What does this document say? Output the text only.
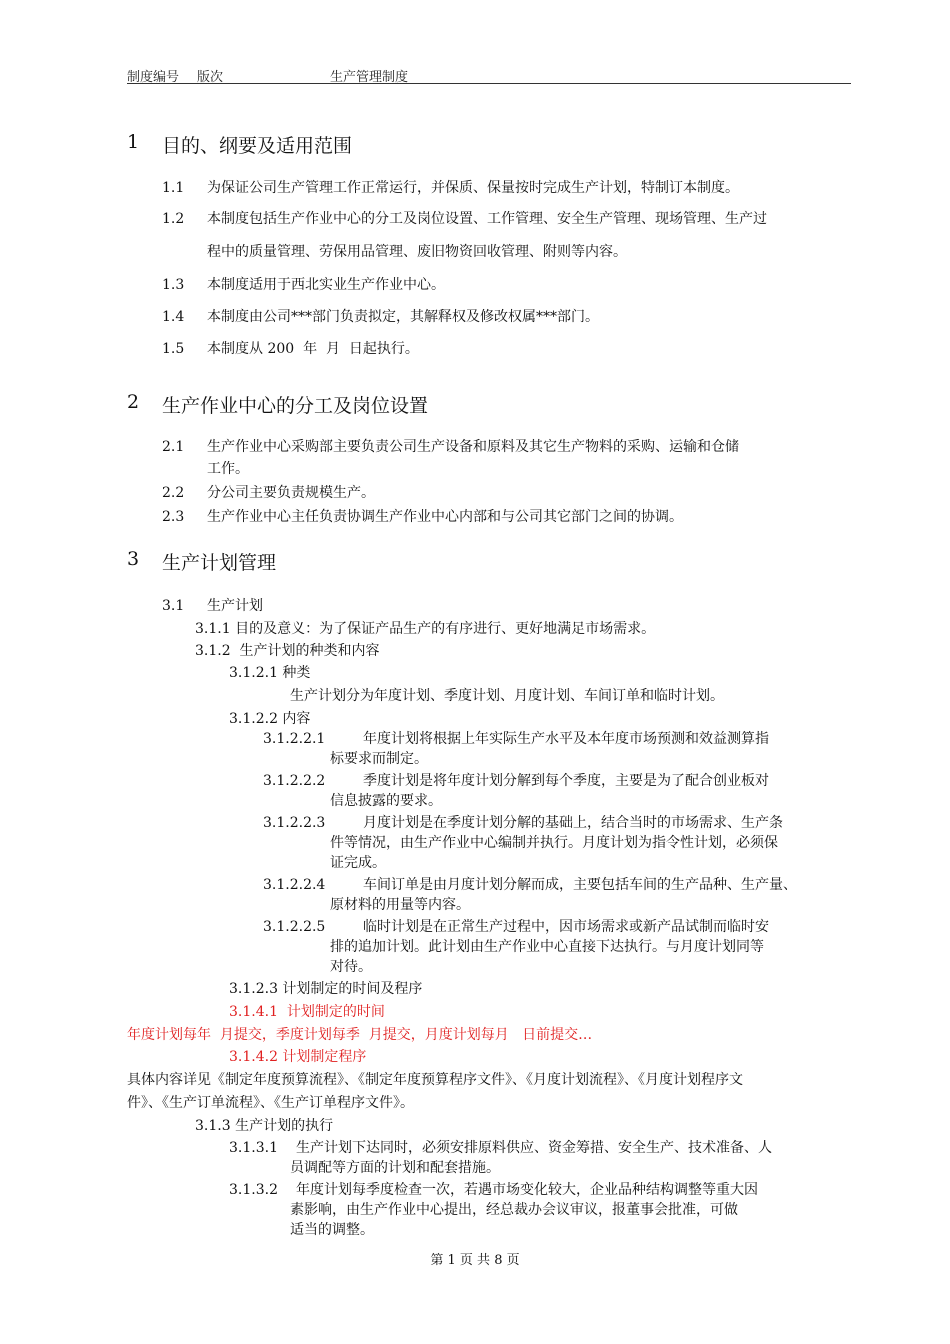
制度编号 版次	生产管理制度
1 目的、纲要及适用范围
1.1 为保证公司生产管理工作正常运行，并保质、保量按时完成生产计划，特制订本制度。
1.2 本制度包括生产作业中心的分工及岗位设置、工作管理、安全生产管理、现场管理、生产过
程中的质量管理、劳保用品管理、废旧物资回收管理、附则等内容。
1.3 本制度适用于西北实业生产作业中心。
1.4 本制度由公司***部门负责拟定，其解释权及修改权属***部门。
1.5 本制度从 200  年  月  日起执行。
2 生产作业中心的分工及岗位设置
2.1 生产作业中心采购部主要负责公司生产设备和原料及其它生产物料的采购、运输和仓储
工作。
2.2 分公司主要负责规模生产。
2.3 生产作业中心主任负责协调生产作业中心内部和与公司其它部门之间的协调。
3 生产计划管理
3.1 生产计划
3.1.1 目的及意义：为了保证产品生产的有序进行、更好地满足市场需求。
3.1.2  生产计划的种类和内容
3.1.2.1 种类
生产计划分为年度计划、季度计划、月度计划、车间订单和临时计划。
3.1.2.2 内容
3.1.2.2.1	年度计划将根据上年实际生产水平及本年度市场预测和效益测算指
标要求而制定。
3.1.2.2.2	季度计划是将年度计划分解到每个季度，主要是为了配合创业板对
信息披露的要求。
3.1.2.2.3	月度计划是在季度计划分解的基础上，结合当时的市场需求、生产条
件等情况，由生产作业中心编制并执行。月度计划为指令性计划，必须保
证完成。
3.1.2.2.4	车间订单是由月度计划分解而成，主要包括车间的生产品种、生产量、
原材料的用量等内容。
3.1.2.2.5	临时计划是在正常生产过程中，因市场需求或新产品试制而临时安
排的追加计划。此计划由生产作业中心直接下达执行。与月度计划同等
对待。
3.1.2.3 计划制定的时间及程序
3.1.4.1  计划制定的时间
年度计划每年  月提交，季度计划每季  月提交，月度计划每月   日前提交…
3.1.4.2 计划制定程序
具体内容详见《制定年度预算流程》、《制定年度预算程序文件》、《月度计划流程》、《月度计划程序文
件》、《生产订单流程》、《生产订单程序文件》。
3.1.3 生产计划的执行
3.1.3.1 生产计划下达同时，必须安排原料供应、资金筹措、安全生产、技术准备、人
员调配等方面的计划和配套措施。
3.1.3.2 年度计划每季度检查一次，若遇市场变化较大，企业品种结构调整等重大因
素影响，由生产作业中心提出，经总裁办会议审议，报董事会批准，可做
适当的调整。
第 1 页 共 8 页
